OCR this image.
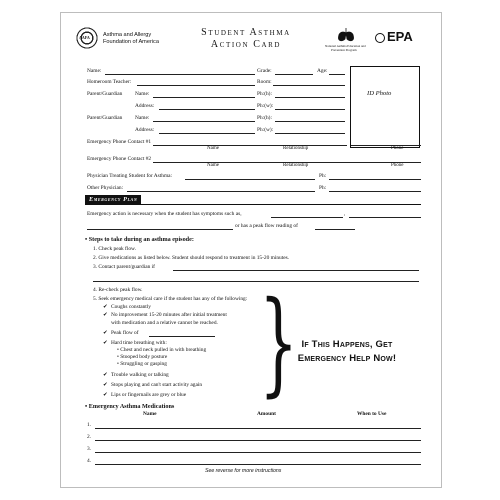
AAFA Asthma and Allergy
Foundation of America
Student Asthma
Action Card	National Asthma Education and
Prevention Program
EPA
Name:	Grade:	Age:
Homeroom Teacher:	Room:
Parent/Guardian Name:	Ph:(h):
Address:	Ph:(w):
Parent/Guardian Name:	Ph:(h):
Address:	Ph:(w):
ID Photo
Emergency Phone Contact #1
Name	Relationship	Phone
Emergency Phone Contact #2
Name	Relationship	Phone
Physician Treating Student for Asthma:	Ph:
Other Physician:	Ph:
Emergency Plan
Emergency action is necessary when the student has symptoms such as,	,
or has a peak flow reading of
• Steps to take during an asthma episode:
1. Check peak flow.
2. Give medications as listed below. Student should respond to treatment in 15-20 minutes.
3. Contact parent/guardian if
4. Re-check peak flow.
5. Seek emergency medical care if the student has any of the following:
✔ Coughs constantly
✔ No improvement 15-20 minutes after initial treatment
with medication and a relative cannot be reached.
✔ Peak flow of
✔ Hard time breathing with:
• Chest and neck pulled in with breathing
• Stooped body posture
• Struggling or gasping
✔ Trouble walking or talking
✔ Stops playing and can't start activity again
✔ Lips or fingernails are grey or blue } If This Happens, Get
Emergency Help Now!
• Emergency Asthma Medications
Name	Amount	When to Use
1.
2.
3.
4.
See reverse for more instructions
